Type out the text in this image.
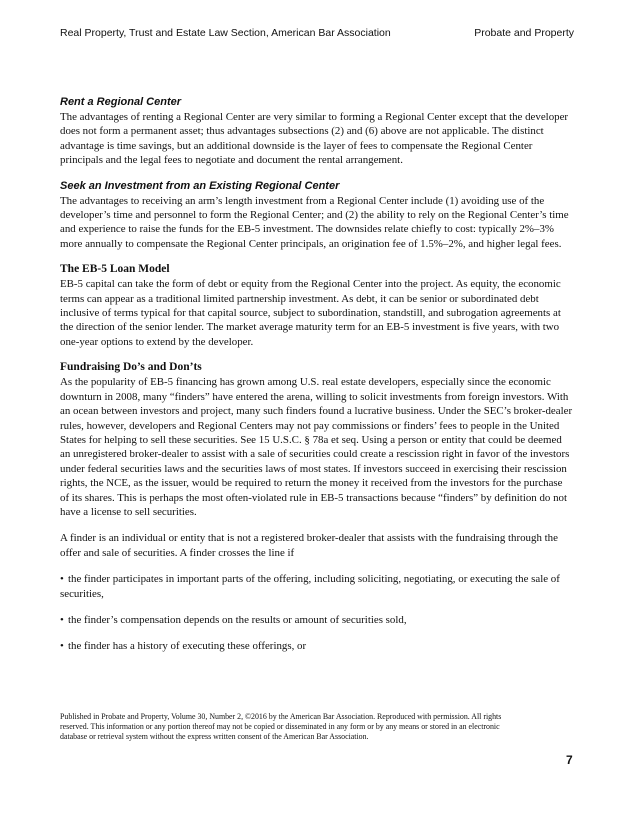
Real Property, Trust and Estate Law Section, American Bar Association	Probate and Property
Rent a Regional Center

The advantages of renting a Regional Center are very similar to forming a Regional Center except that the developer does not form a permanent asset; thus advantages subsections (2) and (6) above are not applicable. The distinct advantage is time savings, but an additional downside is the layer of fees to compensate the Regional Center principals and the legal fees to negotiate and document the rental arrangement.

Seek an Investment from an Existing Regional Center

The advantages to receiving an arm’s length investment from a Regional Center include (1) avoiding use of the developer’s time and personnel to form the Regional Center; and (2) the ability to rely on the Regional Center’s time and experience to raise the funds for the EB-5 investment. The downsides relate chiefly to cost: typically 2%–3% more annually to compensate the Regional Center principals, an origination fee of 1.5%–2%, and higher legal fees.

The EB-5 Loan Model

EB-5 capital can take the form of debt or equity from the Regional Center into the project. As equity, the economic terms can appear as a traditional limited partnership investment. As debt, it can be senior or subordinated debt inclusive of terms typical for that capital source, subject to subordination, standstill, and subrogation agreements at the direction of the senior lender. The market average maturity term for an EB-5 investment is five years, with two one-year options to extend by the developer.

Fundraising Do’s and Don’ts

As the popularity of EB-5 financing has grown among U.S. real estate developers, especially since the economic downturn in 2008, many “finders” have entered the arena, willing to solicit investments from foreign investors. With an ocean between investors and project, many such finders found a lucrative business. Under the SEC’s broker-dealer rules, however, developers and Regional Centers may not pay commissions or finders’ fees to people in the United States for helping to sell these securities. See 15 U.S.C. § 78a et seq. Using a person or entity that could be deemed an unregistered broker-dealer to assist with a sale of securities could create a rescission right in favor of the investors under federal securities laws and the securities laws of most states. If investors succeed in exercising their rescission rights, the NCE, as the issuer, would be required to return the money it received from the investors for the purchase of its shares. This is perhaps the most often-violated rule in EB-5 transactions because “finders” by definition do not have a license to sell securities.

A finder is an individual or entity that is not a registered broker-dealer that assists with the fundraising through the offer and sale of securities. A finder crosses the line if

• the finder participates in important parts of the offering, including soliciting, negotiating, or executing the sale of securities,
• the finder’s compensation depends on the results or amount of securities sold,
• the finder has a history of executing these offerings, or
Published in Probate and Property, Volume 30, Number 2, ©2016 by the American Bar Association. Reproduced with permission. All rights reserved. This information or any portion thereof may not be copied or disseminated in any form or by any means or stored in an electronic database or retrieval system without the express written consent of the American Bar Association.
7
